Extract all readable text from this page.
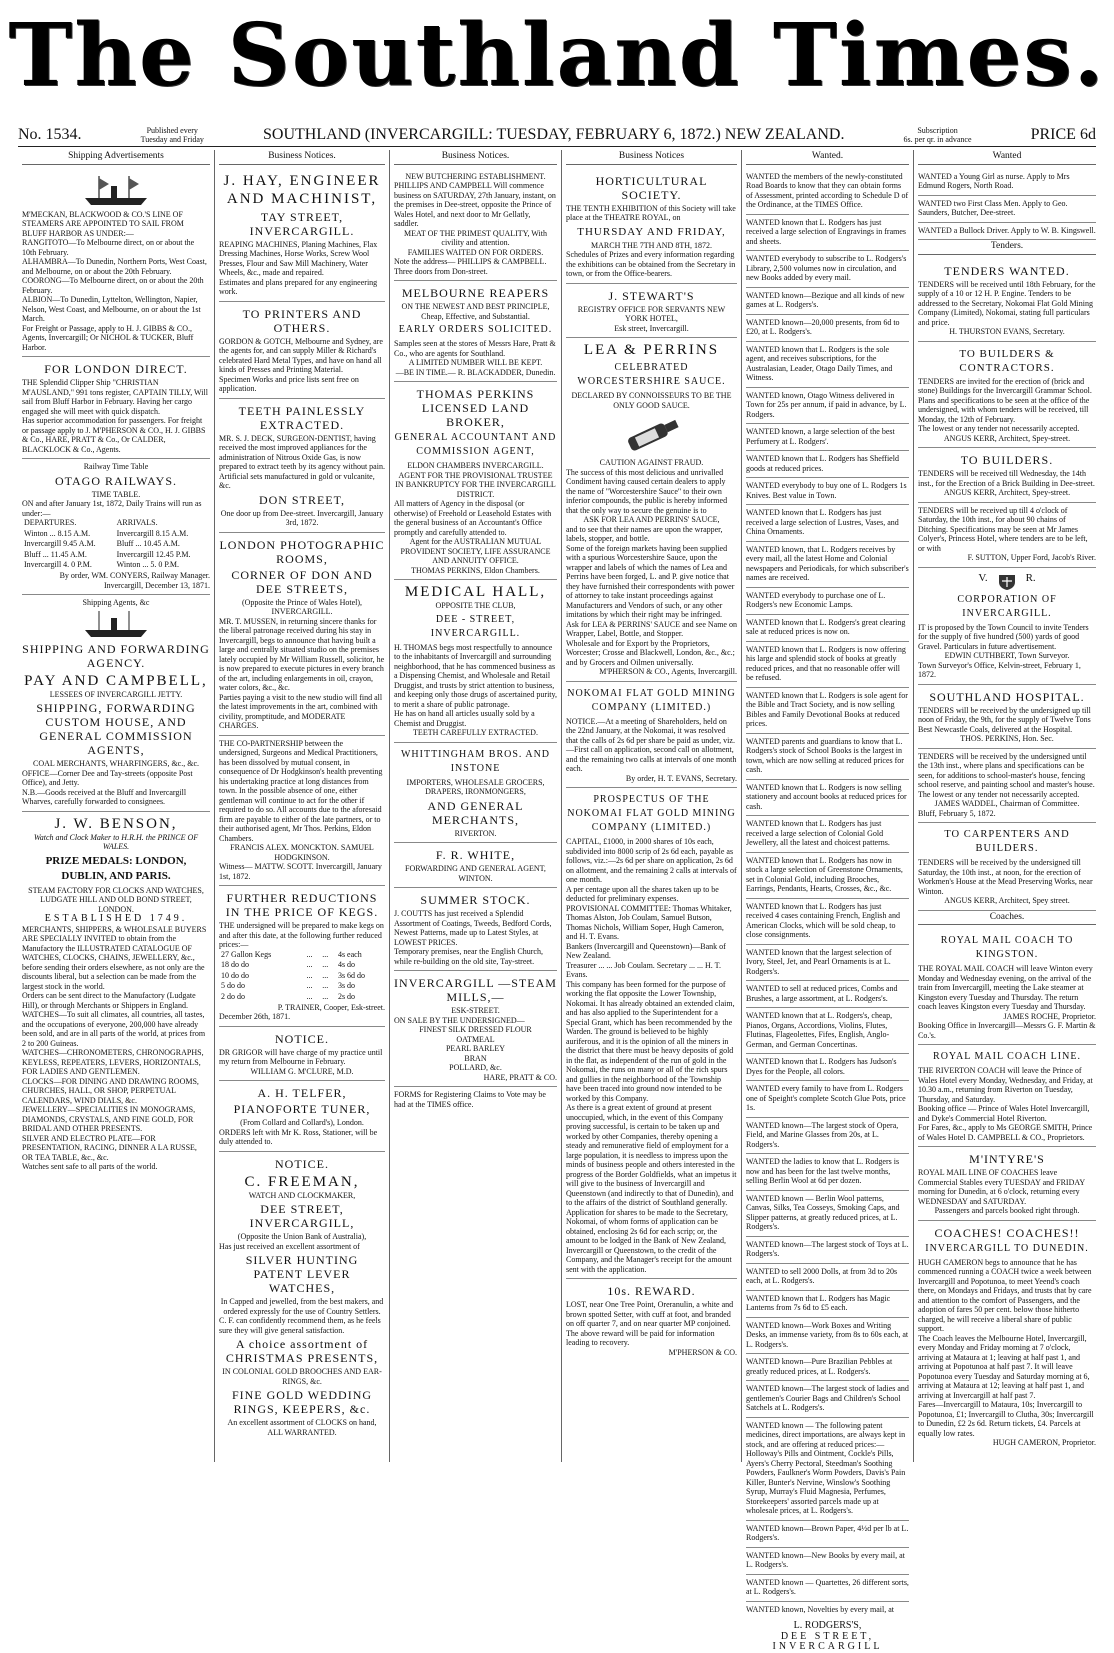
The Southland Times.
No. 1534.	Published every
Tuesday and Friday	SOUTHLAND (INVERCARGILL: TUESDAY, FEBRUARY 6, 1872.) NEW ZEALAND.	Subscription
6s. per qr. in advance	PRICE 6d
Shipping Advertisements
M'MECKAN, BLACKWOOD & CO.'S LINE OF STEAMERS ARE APPOINTED TO SAIL FROM BLUFF HARBOR AS UNDER:—
RANGITOTO—To Melbourne direct, on or about the 10th February.
ALHAMBRA—To Dunedin, Northern Ports, West Coast, and Melbourne, on or about the 20th February.
COORONG—To Melbourne direct, on or about the 20th February.
ALBION—To Dunedin, Lyttelton, Wellington, Napier, Nelson, West Coast, and Melbourne, on or about the 1st March.
For Freight or Passage, apply to H. J. GIBBS & CO., Agents, Invercargill; Or NICHOL & TUCKER, Bluff Harbor.
FOR LONDON DIRECT.
THE Splendid Clipper Ship "CHRISTIAN M'AUSLAND," 991 tons register, CAPTAIN TILLY, Will sail from Bluff Harbor in February. Having her cargo engaged she will meet with quick dispatch.
Has superior accommodation for passengers. For freight or passage apply to J. M'PHERSON & CO., H. J. GIBBS & Co., HARE, PRATT & Co., Or CALDER, BLACKLOCK & Co., Agents.
Railway Time Table
OTAGO RAILWAYS.
TIME TABLE.
ON and after January 1st, 1872, Daily Trains will run as under:—
DEPARTURES.	ARRIVALS.
Winton ... 8.15 A.M.	Invercargill 8.15 A.M.
Invercargill 9.45 A.M.	Bluff ... 10.45 A.M.
Bluff ... 11.45 A.M.	Invercargill 12.45 P.M.
Invercargill 4. 0 P.M.	Winton ... 5. 0 P.M.
By order, WM. CONYERS, Railway Manager. Invercargill, December 13, 1871.
Shipping Agents, &c
SHIPPING AND FORWARDING AGENCY.
PAY AND CAMPBELL,
LESSEES OF INVERCARGILL JETTY.
SHIPPING, FORWARDING CUSTOM HOUSE, AND GENERAL COMMISSION AGENTS,
COAL MERCHANTS, WHARFINGERS, &c., &c.
OFFICE—Corner Dee and Tay-streets (opposite Post Office), and Jetty.
N.B.—Goods received at the Bluff and Invercargill Wharves, carefully forwarded to consignees.
J. W. BENSON,
Watch and Clock Maker to H.R.H. the PRINCE OF WALES.
PRIZE MEDALS: LONDON, DUBLIN, AND PARIS.
STEAM FACTORY FOR CLOCKS AND WATCHES, LUDGATE HILL AND OLD BOND STREET, LONDON.
ESTABLISHED 1749.
MERCHANTS, SHIPPERS, & WHOLESALE BUYERS ARE SPECIALLY INVITED to obtain from the Manufactory the ILLUSTRATED CATALOGUE OF WATCHES, CLOCKS, CHAINS, JEWELLERY, &c., before sending their orders elsewhere, as not only are the discounts liberal, but a selection can be made from the largest stock in the world.
Orders can be sent direct to the Manufactory (Ludgate Hill), or through Merchants or Shippers in England.
WATCHES—To suit all climates, all countries, all tastes, and the occupations of everyone, 200,000 have already been sold, and are in all parts of the world, at prices from 2 to 200 Guineas.
WATCHES—CHRONOMETERS, CHRONOGRAPHS, KEYLESS, REPEATERS, LEVERS, HORIZONTALS, FOR LADIES AND GENTLEMEN.
CLOCKS—FOR DINING AND DRAWING ROOMS, CHURCHES, HALL, OR SHOP, PERPETUAL CALENDARS, WIND DIALS, &c.
JEWELLERY—SPECIALITIES IN MONOGRAMS, DIAMONDS, CRYSTALS, AND FINE GOLD, FOR BRIDAL AND OTHER PRESENTS.
SILVER AND ELECTRO PLATE—FOR PRESENTATION, RACING, DINNER A LA RUSSE, OR TEA TABLE, &c., &c.
Watches sent safe to all parts of the world.
Business Notices.
J. HAY, ENGINEER AND MACHINIST,
TAY STREET, INVERCARGILL.
REAPING MACHINES, Planing Machines, Flax Dressing Machines, Horse Works, Screw Wool Presses, Flour and Saw Mill Machinery, Water Wheels, &c., made and repaired.
Estimates and plans prepared for any engineering work.
TO PRINTERS AND OTHERS.
GORDON & GOTCH, Melbourne and Sydney, are the agents for, and can supply Miller & Richard's celebrated Hard Metal Types, and have on hand all kinds of Presses and Printing Material.
Specimen Works and price lists sent free on application.
TEETH PAINLESSLY EXTRACTED.
MR. S. J. DECK, SURGEON-DENTIST, having received the most improved appliances for the administration of Nitrous Oxide Gas, is now prepared to extract teeth by its agency without pain.
Artificial sets manufactured in gold or vulcanite, &c.
DON STREET,
One door up from Dee-street. Invercargill, January 3rd, 1872.
LONDON PHOTOGRAPHIC ROOMS,
CORNER OF DON AND DEE STREETS,
(Opposite the Prince of Wales Hotel), INVERCARGILL.
MR. T. MUSSEN, in returning sincere thanks for the liberal patronage received during his stay in Invercargill, begs to announce that having built a large and centrally situated studio on the premises lately occupied by Mr William Russell, solicitor, he is now prepared to execute pictures in every branch of the art, including enlargements in oil, crayon, water colors, &c., &c.
Parties paying a visit to the new studio will find all the latest improvements in the art, combined with civility, promptitude, and MODERATE CHARGES.
THE CO-PARTNERSHIP between the undersigned, Surgeons and Medical Practitioners, has been dissolved by mutual consent, in consequence of Dr Hodgkinson's health preventing his undertaking practice at long distances from town. In the possible absence of one, either gentleman will continue to act for the other if required to do so. All accounts due to the aforesaid firm are payable to either of the late partners, or to their authorised agent, Mr Thos. Perkins, Eldon Chambers.
FRANCIS ALEX. MONCKTON. SAMUEL HODGKINSON.
Witness— MATTW. SCOTT. Invercargill, January 1st, 1872.
FURTHER REDUCTIONS IN THE PRICE OF KEGS.
THE undersigned will be prepared to make kegs on and after this date, at the following further reduced prices:—
27 Gallon Kegs	...	...	4s each
18 do do	...	...	4s do
10 do do	...	...	3s 6d do
5 do do	...	...	3s do
2 do do	...	...	2s do
P. TRAINER, Cooper, Esk-street.
December 26th, 1871.
NOTICE.
DR GRIGOR will have charge of my practice until my return from Melbourne in February.
WILLIAM G. M'CLURE, M.D.
A. H. TELFER,
PIANOFORTE TUNER,
(From Collard and Collard's), London.
ORDERS left with Mr K. Ross, Stationer, will be duly attended to.
NOTICE.
C. FREEMAN,
WATCH AND CLOCKMAKER,
DEE STREET, INVERCARGILL,
(Opposite the Union Bank of Australia),
Has just received an excellent assortment of
SILVER HUNTING PATENT LEVER WATCHES,
In Capped and jewelled, from the best makers, and ordered expressly for the use of Country Settlers.
C. F. can confidently recommend them, as he feels sure they will give general satisfaction.
A choice assortment of CHRISTMAS PRESENTS,
IN COLONIAL GOLD BROOCHES AND EAR-RINGS, &c.
FINE GOLD WEDDING RINGS, KEEPERS, &c.
An excellent assortment of CLOCKS on hand, ALL WARRANTED.
Business Notices.
NEW BUTCHERING ESTABLISHMENT.
PHILLIPS AND CAMPBELL Will commence business on SATURDAY, 27th January, instant, on the premises in Dee-street, opposite the Prince of Wales Hotel, and next door to Mr Gellatly, saddler.
MEAT OF THE PRIMEST QUALITY, With civility and attention.
FAMILIES WAITED ON FOR ORDERS.
Note the address— PHILLIPS & CAMPBELL. Three doors from Don-street.
MELBOURNE REAPERS
ON THE NEWEST AND BEST PRINCIPLE,
Cheap, Effective, and Substantial.
EARLY ORDERS SOLICITED.
Samples seen at the stores of Messrs Hare, Pratt & Co., who are agents for Southland.
A LIMITED NUMBER WILL BE KEPT.
—BE IN TIME.— R. BLACKADDER, Dunedin.
THOMAS PERKINS LICENSED LAND BROKER,
GENERAL ACCOUNTANT AND COMMISSION AGENT,
ELDON CHAMBERS INVERCARGILL.
AGENT FOR THE PROVISIONAL TRUSTEE IN BANKRUPTCY FOR THE INVERCARGILL DISTRICT.
All matters of Agency in the disposal (or otherwise) of Freehold or Leasehold Estates with the general business of an Accountant's Office promptly and carefully attended to.
Agent for the AUSTRALIAN MUTUAL PROVIDENT SOCIETY, LIFE ASSURANCE AND ANNUITY OFFICE.
THOMAS PERKINS, Eldon Chambers.
MEDICAL HALL,
OPPOSITE THE CLUB,
DEE - STREET, INVERCARGILL.
H. THOMAS begs most respectfully to announce to the inhabitants of Invercargill and surrounding neighborhood, that he has commenced business as a Dispensing Chemist, and Wholesale and Retail Druggist, and trusts by strict attention to business, and keeping only those drugs of ascertained purity, to merit a share of public patronage.
He has on hand all articles usually sold by a Chemist and Druggist.
TEETH CAREFULLY EXTRACTED.
WHITTINGHAM BROS. AND INSTONE
IMPORTERS, WHOLESALE GROCERS, DRAPERS, IRONMONGERS,
AND GENERAL MERCHANTS,
RIVERTON.
F. R. WHITE,
FORWARDING AND GENERAL AGENT, WINTON.
SUMMER STOCK.
J. COUTTS has just received a Splendid Assortment of Coatings, Tweeds, Bedford Cords, Newest Patterns, made up to Latest Styles, at LOWEST PRICES.
Temporary premises, near the English Church, while re-building on the old site, Tay-street.
INVERCARGILL —STEAM MILLS,—
ESK-STREET.
ON SALE BY THE UNDERSIGNED—
FINEST SILK DRESSED FLOUR
OATMEAL
PEARL BARLEY
BRAN
POLLARD, &c.
HARE, PRATT & CO.
FORMS for Registering Claims to Vote may be had at the TIMES office.
Business Notices
HORTICULTURAL SOCIETY.
THE TENTH EXHIBITION of this Society will take place at the THEATRE ROYAL, on
THURSDAY AND FRIDAY,
MARCH THE 7TH AND 8TH, 1872.
Schedules of Prizes and every information regarding the exhibitions can be obtained from the Secretary in town, or from the Office-bearers.
J. STEWART'S
REGISTRY OFFICE FOR SERVANTS NEW YORK HOTEL,
Esk street, Invercargill.
LEA & PERRINS
CELEBRATED WORCESTERSHIRE SAUCE.
DECLARED BY CONNOISSEURS TO BE THE ONLY GOOD SAUCE.
CAUTION AGAINST FRAUD.
The success of this most delicious and unrivalled Condiment having caused certain dealers to apply the name of "Worcestershire Sauce" to their own inferior compounds, the public is hereby informed that the only way to secure the genuine is to
ASK FOR LEA AND PERRINS' SAUCE,
and to see that their names are upon the wrapper, labels, stopper, and bottle.
Some of the foreign markets having been supplied with a spurious Worcestershire Sauce, upon the wrapper and labels of which the names of Lea and Perrins have been forged, L. and P. give notice that they have furnished their correspondents with power of attorney to take instant proceedings against Manufacturers and Vendors of such, or any other imitations by which their right may be infringed.
Ask for LEA & PERRINS' SAUCE and see Name on Wrapper, Label, Bottle, and Stopper.
Wholesale and for Export by the Proprietors, Worcester; Crosse and Blackwell, London, &c., &c.; and by Grocers and Oilmen universally.
M'PHERSON & CO., Agents, Invercargill.
NOKOMAI FLAT GOLD MINING COMPANY (LIMITED.)
NOTICE.—At a meeting of Shareholders, held on the 22nd January, at the Nokomai, it was resolved that the calls of 2s 6d per share be paid as under, viz.—First call on application, second call on allotment, and the remaining two calls at intervals of one month each.
By order, H. T. EVANS, Secretary.
PROSPECTUS OF THE NOKOMAI FLAT GOLD MINING COMPANY (LIMITED.)
CAPITAL, £1000, in 2000 shares of 10s each, subdivided into 8000 scrip of 2s 6d each, payable as follows, viz.:—2s 6d per share on application, 2s 6d on allotment, and the remaining 2 calls at intervals of one month.
A per centage upon all the shares taken up to be deducted for preliminary expenses.
PROVISIONAL COMMITTEE: Thomas Whitaker, Thomas Alston, Job Coulam, Samuel Butson, Thomas Nichols, William Soper, Hugh Cameron, and H. T. Evans.
Bankers (Invercargill and Queenstown)—Bank of New Zealand.
Treasurer ... ... Job Coulam. Secretary ... ... H. T. Evans.
This company has been formed for the purpose of working the flat opposite the Lower Township, Nokomai. It has already obtained an extended claim, and has also applied to the Superintendent for a Special Grant, which has been recommended by the Warden. The ground is believed to be highly auriferous, and it is the opinion of all the miners in the district that there must be heavy deposits of gold in the flat, as independent of the run of gold in the Nokomai, the runs on many or all of the rich spurs and gullies in the neighborhood of the Township have been traced into ground now intended to be worked by this Company.
As there is a great extent of ground at present unoccupied, which, in the event of this Company proving successful, is certain to be taken up and worked by other Companies, thereby opening a steady and remunerative field of employment for a large population, it is needless to impress upon the minds of business people and others interested in the progress of the Border Goldfields, what an impetus it will give to the business of Invercargill and Queenstown (and indirectly to that of Dunedin), and to the affairs of the district of Southland generally.
Application for shares to be made to the Secretary, Nokomai, of whom forms of application can be obtained, enclosing 2s 6d for each scrip; or, the amount to be lodged in the Bank of New Zealand, Invercargill or Queenstown, to the credit of the Company, and the Manager's receipt for the amount sent with the application.
10s. REWARD.
LOST, near One Tree Point, Oreranulin, a white and brown spotted Setter, with cuff at foot, and branded on off quarter 7, and on near quarter MP conjoined. The above reward will be paid for information leading to recovery.
M'PHERSON & CO.
Wanted.
WANTED the members of the newly-constituted Road Boards to know that they can obtain forms of Assessment, printed according to Schedule D of the Ordinance, at the TIMES Office.
WANTED known that L. Rodgers has just received a large selection of Engravings in frames and sheets.
WANTED everybody to subscribe to L. Rodgers's Library, 2,500 volumes now in circulation, and new Books added by every mail.
WANTED known—Bezique and all kinds of new games at L. Rodgers's.
WANTED known—20,000 presents, from 6d to £20, at L. Rodgers's.
WANTED known that L. Rodgers is the sole agent, and receives subscriptions, for the Australasian, Leader, Otago Daily Times, and Witness.
WANTED known, Otago Witness delivered in Town for 25s per annum, if paid in advance, by L. Rodgers.
WANTED known, a large selection of the best Perfumery at L. Rodgers'.
WANTED known that L. Rodgers has Sheffield goods at reduced prices.
WANTED everybody to buy one of L. Rodgers 1s Knives. Best value in Town.
WANTED known that L. Rodgers has just received a large selection of Lustres, Vases, and China Ornaments.
WANTED known, that L. Rodgers receives by every mail, all the latest Home and Colonial newspapers and Periodicals, for which subscriber's names are received.
WANTED everybody to purchase one of L. Rodgers's new Economic Lamps.
WANTED known that L. Rodgers's great clearing sale at reduced prices is now on.
WANTED known that L. Rodgers is now offering his large and splendid stock of books at greatly reduced prices, and that no reasonable offer will be refused.
WANTED known that L. Rodgers is sole agent for the Bible and Tract Society, and is now selling Bibles and Family Devotional Books at reduced prices.
WANTED parents and guardians to know that L. Rodgers's stock of School Books is the largest in town, which are now selling at reduced prices for cash.
WANTED known that L. Rodgers is now selling stationery and account books at reduced prices for cash.
WANTED known that L. Rodgers has just received a large selection of Colonial Gold Jewellery, all the latest and choicest patterns.
WANTED known that L. Rodgers has now in stock a large selection of Greenstone Ornaments, set in Colonial Gold, including Brooches, Earrings, Pendants, Hearts, Crosses, &c., &c.
WANTED known that L. Rodgers has just received 4 cases containing French, English and American Clocks, which will be sold cheap, to close consignments.
WANTED known that the largest selection of Ivory, Steel, Jet, and Pearl Ornaments is at L. Rodgers's.
WANTED to sell at reduced prices, Combs and Brushes, a large assortment, at L. Rodgers's.
WANTED known that at L. Rodgers's, cheap, Pianos, Organs, Accordions, Violins, Flutes, Flutinas, Flageolettes, Fifes, English, Anglo-German, and German Concertinas.
WANTED known that L. Rodgers has Judson's Dyes for the People, all colors.
WANTED every family to have from L. Rodgers one of Speight's complete Scotch Glue Pots, price 1s.
WANTED known—The largest stock of Opera, Field, and Marine Glasses from 20s, at L. Rodgers's.
WANTED the ladies to know that L. Rodgers is now and has been for the last twelve months, selling Berlin Wool at 6d per dozen.
WANTED known — Berlin Wool patterns, Canvas, Silks, Tea Cosseys, Smoking Caps, and Slipper patterns, at greatly reduced prices, at L. Rodgers's.
WANTED known—The largest stock of Toys at L. Rodgers's.
WANTED to sell 2000 Dolls, at from 3d to 20s each, at L. Rodgers's.
WANTED known that L. Rodgers has Magic Lanterns from 7s 6d to £5 each.
WANTED known—Work Boxes and Writing Desks, an immense variety, from 8s to 60s each, at L. Rodgers's.
WANTED known—Pure Brazilian Pebbles at greatly reduced prices, at L. Rodgers's.
WANTED known—The largest stock of ladies and gentlemen's Courier Bags and Children's School Satchels at L. Rodgers's.
WANTED known — The following patent medicines, direct importations, are always kept in stock, and are offering at reduced prices:— Holloway's Pills and Ointment, Cockle's Pills, Ayers's Cherry Pectoral, Steedman's Soothing Powders, Faulkner's Worm Powders, Davis's Pain Killer, Bunter's Nervine, Winslow's Soothing Syrup, Murray's Fluid Magnesia, Perfumes, Storekeepers' assorted parcels made up at wholesale prices, at L. Rodgers's.
WANTED known—Brown Paper, 4½d per lb at L. Rodgers's.
WANTED known—New Books by every mail, at L. Rodgers's.
WANTED known — Quartettes, 26 different sorts, at L. Rodgers's.
WANTED known, Novelties by every mail, at
L. RODGERS'S,
DEE STREET,
INVERCARGILL
Wanted
WANTED a Young Girl as nurse. Apply to Mrs Edmund Rogers, North Road.
WANTED two First Class Men. Apply to Geo. Saunders, Butcher, Dee-street.
WANTED a Bullock Driver. Apply to W. B. Kingswell.
Tenders.
TENDERS WANTED.
TENDERS will be received until 18th February, for the supply of a 10 or 12 H. P. Engine. Tenders to be addressed to the Secretary, Nokomai Flat Gold Mining Company (Limited), Nokomai, stating full particulars and price.
H. THURSTON EVANS, Secretary.
TO BUILDERS & CONTRACTORS.
TENDERS are invited for the erection of (brick and stone) Buildings for the Invercargill Grammar School. Plans and specifications to be seen at the office of the undersigned, with whom tenders will be received, till Monday, the 12th of February.
The lowest or any tender not necessarily accepted.
ANGUS KERR, Architect, Spey-street.
TO BUILDERS.
TENDERS will be received till Wednesday, the 14th inst., for the Erection of a Brick Building in Dee-street.
ANGUS KERR, Architect, Spey-street.
TENDERS will be received up till 4 o'clock of Saturday, the 10th inst., for about 90 chains of Ditching. Specifications may be seen at Mr James Colyer's, Princess Hotel, where tenders are to be left, or with
F. SUTTON, Upper Ford, Jacob's River.
V.	R.
CORPORATION OF INVERCARGILL.
IT is proposed by the Town Council to invite Tenders for the supply of five hundred (500) yards of good Gravel. Particulars in future advertisement.
EDWIN CUTHBERT, Town Surveyor.
Town Surveyor's Office, Kelvin-street, February 1, 1872.
SOUTHLAND HOSPITAL.
TENDERS will be received by the undersigned up till noon of Friday, the 9th, for the supply of Twelve Tons Best Newcastle Coals, delivered at the Hospital.
THOS. PERKINS, Hon. Sec.
TENDERS will be received by the undersigned until the 13th inst., where plans and specifications can be seen, for additions to school-master's house, fencing school reserve, and painting school and master's house. The lowest or any tender not necessarily accepted.
JAMES WADDEL, Chairman of Committee.
Bluff, February 5, 1872.
TO CARPENTERS AND BUILDERS.
TENDERS will be received by the undersigned till Saturday, the 10th inst., at noon, for the erection of Workmen's House at the Mead Preserving Works, near Winton.
ANGUS KERR, Architect, Spey street.
Coaches.
ROYAL MAIL COACH TO KINGSTON.
THE ROYAL MAIL COACH will leave Winton every Monday and Wednesday evening, on the arrival of the train from Invercargill, meeting the Lake steamer at Kingston every Tuesday and Thursday. The return coach leaves Kingston every Tuesday and Thursday.
JAMES ROCHE, Proprietor.
Booking Office in Invercargill—Messrs G. F. Martin & Co.'s.
ROYAL MAIL COACH LINE.
THE RIVERTON COACH will leave the Prince of Wales Hotel every Monday, Wednesday, and Friday, at 10.30 a.m., returning from Riverton on Tuesday, Thursday, and Saturday.
Booking office — Prince of Wales Hotel Invercargill, and Dyke's Commercial Hotel Riverton.
For Fares, &c., apply to Ms GEORGE SMITH, Prince of Wales Hotel D. CAMPBELL & CO., Proprietors.
M'INTYRE'S
ROYAL MAIL LINE OF COACHES leave Commercial Stables every TUESDAY and FRIDAY morning for Dunedin, at 6 o'clock, returning every WEDNESDAY and SATURDAY.
Passengers and parcels booked right through.
COACHES! COACHES!!
INVERCARGILL TO DUNEDIN.
HUGH CAMERON begs to announce that he has commenced running a COACH twice a week between Invercargill and Popotunoa, to meet Yeend's coach there, on Mondays and Fridays, and trusts that by care and attention to the comfort of Passengers, and the adoption of fares 50 per cent. below those hitherto charged, he will receive a liberal share of public support.
The Coach leaves the Melbourne Hotel, Invercargill, every Monday and Friday morning at 7 o'clock, arriving at Mataura at 1; leaving at half past 1, and arriving at Popotunoa at half past 7. It will leave Popotunoa every Tuesday and Saturday morning at 6, arriving at Mataura at 12; leaving at half past 1, and arriving at Invercargill at half past 7.
Fares—Invercargill to Mataura, 10s; Invercargill to Popotunoa, £1; Invercargill to Clutha, 30s; Invercargill to Dunedin, £2 2s 6d. Return tickets, £4. Parcels at equally low rates.
HUGH CAMERON, Proprietor.
